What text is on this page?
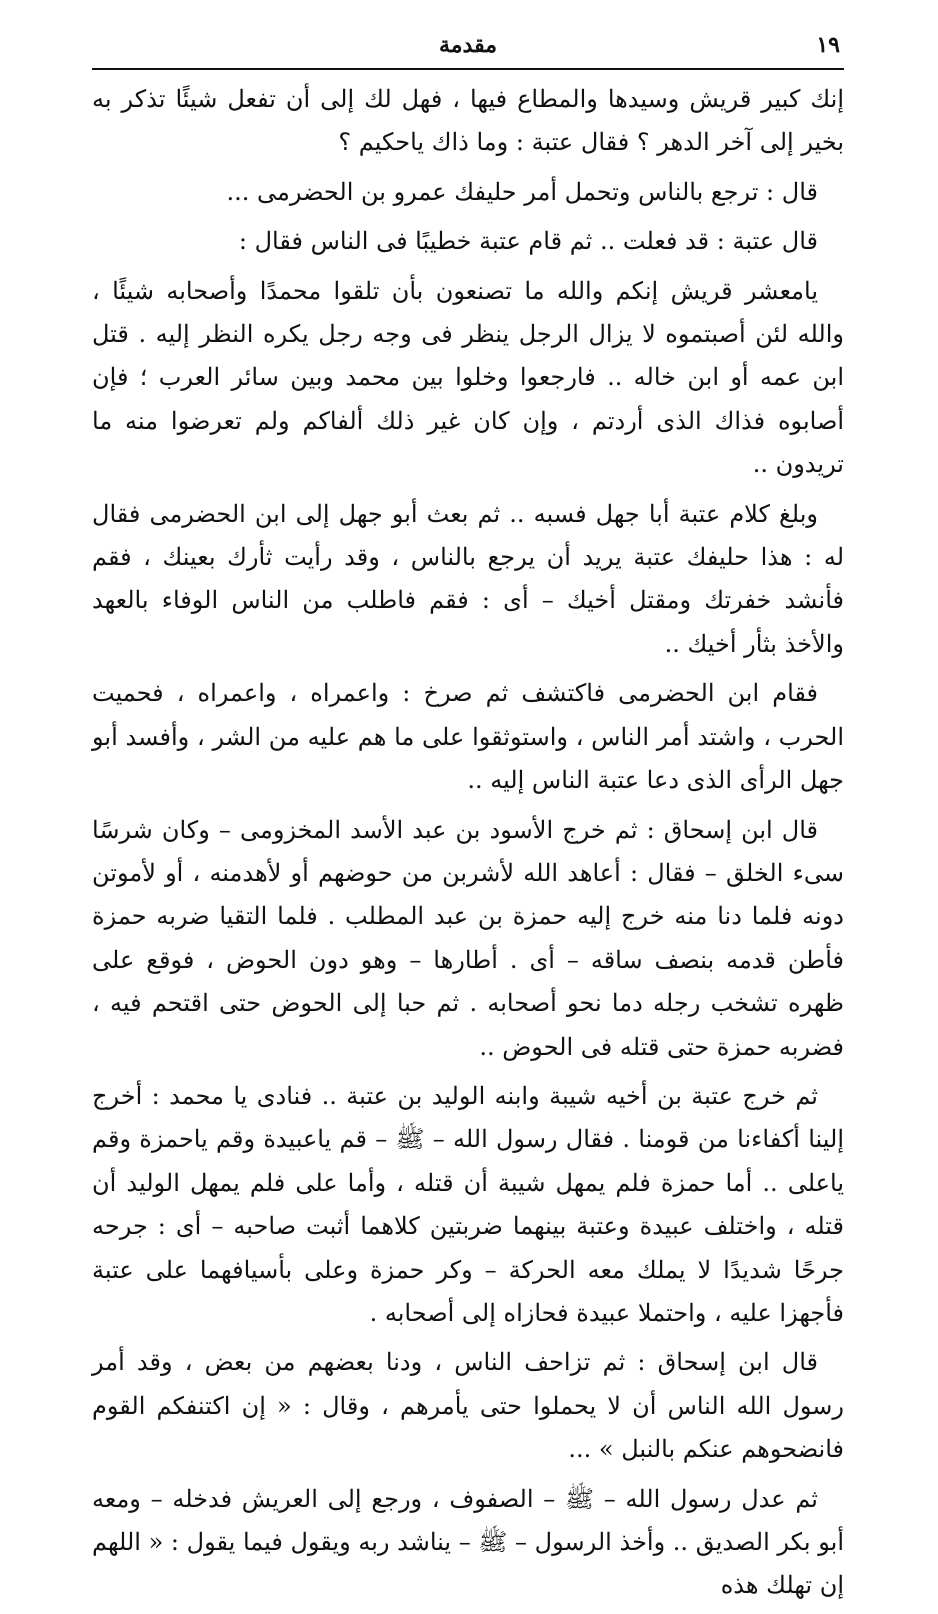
١٩
مقدمة

إنك كبير قريش وسيدها والمطاع فيها ، فهل لك إلى أن تفعل شيئًا تذكر به بخير إلى آخر الدهر ؟ فقال عتبة : وما ذاك ياحكيم ؟

قال : ترجع بالناس وتحمل أمر حليفك عمرو بن الحضرمى ...

قال عتبة : قد فعلت .. ثم قام عتبة خطيبًا فى الناس فقال :

يامعشر قريش إنكم والله ما تصنعون بأن تلقوا محمدًا وأصحابه شيئًا ، والله لئن أصبتموه لا يزال الرجل ينظر فى وجه رجل يكره النظر إليه . قتل ابن عمه أو ابن خاله .. فارجعوا وخلوا بين محمد وبين سائر العرب ؛ فإن أصابوه فذاك الذى أردتم ، وإن كان غير ذلك ألفاكم ولم تعرضوا منه ما تريدون ..

وبلغ كلام عتبة أبا جهل فسبه .. ثم بعث أبو جهل إلى ابن الحضرمى فقال له : هذا حليفك عتبة يريد أن يرجع بالناس ، وقد رأيت ثأرك بعينك ، فقم فأنشد خفرتك ومقتل أخيك – أى : فقم فاطلب من الناس الوفاء بالعهد والأخذ بثأر أخيك ..

فقام ابن الحضرمى فاكتشف ثم صرخ : واعمراه ، واعمراه ، فحميت الحرب ، واشتد أمر الناس ، واستوثقوا على ما هم عليه من الشر ، وأفسد أبو جهل الرأى الذى دعا عتبة الناس إليه ..

قال ابن إسحاق : ثم خرج الأسود بن عبد الأسد المخزومى – وكان شرسًا سىء الخلق – فقال : أعاهد الله لأشربن من حوضهم أو لأهدمنه ، أو لأموتن دونه فلما دنا منه خرج إليه حمزة بن عبد المطلب . فلما التقيا ضربه حمزة فأطن قدمه بنصف ساقه – أى . أطارها – وهو دون الحوض ، فوقع على ظهره تشخب رجله دما نحو أصحابه . ثم حبا إلى الحوض حتى اقتحم فيه ، فضربه حمزة حتى قتله فى الحوض ..

ثم خرج عتبة بن أخيه شيبة وابنه الوليد بن عتبة .. فنادى يا محمد : أخرج إلينا أكفاءنا من قومنا . فقال رسول الله – ﷺ – قم ياعبيدة وقم ياحمزة وقم ياعلى .. أما حمزة فلم يمهل شيبة أن قتله ، وأما على فلم يمهل الوليد أن قتله ، واختلف عبيدة وعتبة بينهما ضربتين كلاهما أثبت صاحبه – أى : جرحه جرحًا شديدًا لا يملك معه الحركة – وكر حمزة وعلى بأسيافهما على عتبة فأجهزا عليه ، واحتملا عبيدة فحازاه إلى أصحابه .

قال ابن إسحاق : ثم تزاحف الناس ، ودنا بعضهم من بعض ، وقد أمر رسول الله الناس أن لا يحملوا حتى يأمرهم ، وقال : « إن اكتنفكم القوم فانضحوهم عنكم بالنبل » ...

ثم عدل رسول الله – ﷺ – الصفوف ، ورجع إلى العريش فدخله – ومعه أبو بكر الصديق .. وأخذ الرسول – ﷺ – يناشد ربه ويقول فيما يقول : « اللهم إن تهلك هذه
